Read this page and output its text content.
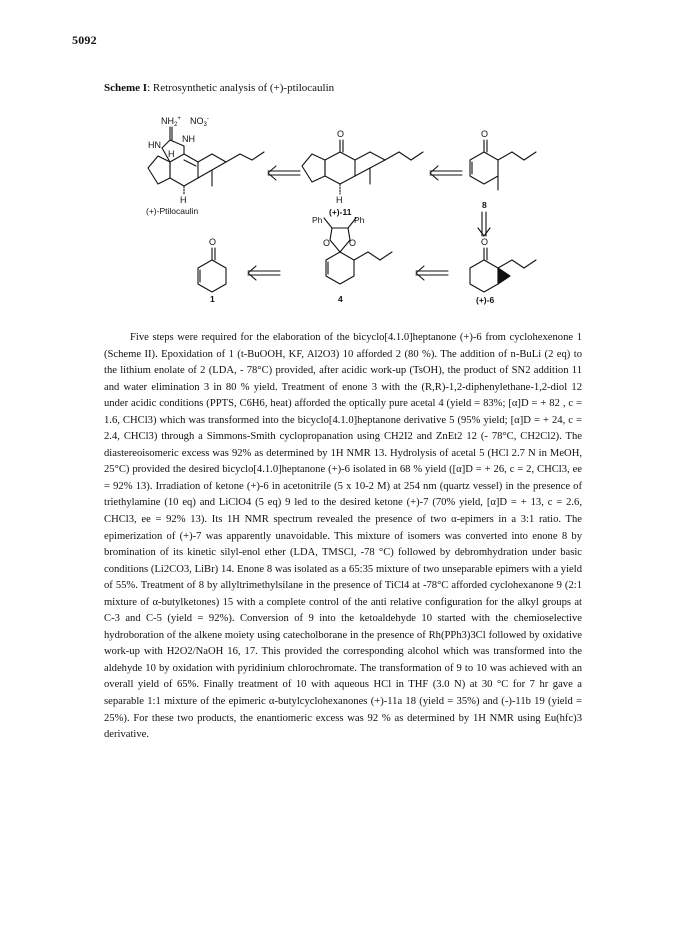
5092
Scheme I: Retrosynthetic analysis of (+)-ptilocaulin
$NH_2^+$ $NO_3^-$
HN
NH
H
H
(+)-Ptilocaulin
O
H
(+)-11
Ph	Ph
O
8
O O
4
O
1
O
(+)-6

Five steps were required for the elaboration of the bicyclo[4.1.0]heptanone (+)-6 from cyclohexenone 1 (Scheme II). Epoxidation of 1 (t-BuOOH, KF, Al2O3) 10 afforded 2 (80 %). The addition of n-BuLi (2 eq) to the lithium enolate of 2 (LDA, - 78°C) provided, after acidic work-up (TsOH), the product of SN2 addition 11 and water elimination 3 in 80 % yield. Treatment of enone 3 with the (R,R)-1,2-diphenylethane-1,2-diol 12 under acidic conditions (PPTS, C6H6, heat) afforded the optically pure acetal 4 (yield = 83%; [α]D = + 82 , c = 1.6, CHCl3) which was transformed into the bicyclo[4.1.0]heptanone derivative 5 (95% yield; [α]D = + 24, c = 2.4, CHCl3) through a Simmons-Smith cyclopropanation using CH2I2 and ZnEt2 12 (- 78°C, CH2Cl2). The diastereoisomeric excess was 92% as determined by 1H NMR 13. Hydrolysis of acetal 5 (HCl 2.7 N in MeOH, 25°C) provided the desired bicyclo[4.1.0]heptanone (+)-6 isolated in 68 % yield ([α]D = + 26, c = 2, CHCl3, ee = 92% 13). Irradiation of ketone (+)-6 in acetonitrile (5 x 10-2 M) at 254 nm (quartz vessel) in the presence of triethylamine (10 eq) and LiClO4 (5 eq) 9 led to the desired ketone (+)-7 (70% yield, [α]D = + 13, c = 2.6, CHCl3, ee = 92% 13). Its 1H NMR spectrum revealed the presence of two α-epimers in a 3:1 ratio. The epimerization of (+)-7 was apparently unavoidable. This mixture of isomers was converted into enone 8 by bromination of its kinetic silyl-enol ether (LDA, TMSCl, -78 °C) followed by debromhydration under basic conditions (Li2CO3, LiBr) 14. Enone 8 was isolated as a 65:35 mixture of two unseparable epimers with a yield of 55%. Treatment of 8 by allyltrimethylsilane in the presence of TiCl4 at -78°C afforded cyclohexanone 9 (2:1 mixture of α-butylketones) 15 with a complete control of the anti relative configuration for the alkyl groups at C-3 and C-5 (yield = 92%). Conversion of 9 into the ketoaldehyde 10 started with the chemioselective hydroboration of the alkene moiety using catecholborane in the presence of Rh(PPh3)3Cl followed by oxidative work-up with H2O2/NaOH 16, 17. This provided the corresponding alcohol which was transformed into the aldehyde 10 by oxidation with pyridinium chlorochromate. The transformation of 9 to 10 was achieved with an overall yield of 65%. Finally treatment of 10 with aqueous HCl in THF (3.0 N) at 30 °C for 7 hr gave a separable 1:1 mixture of the epimeric α-butylcyclohexanones (+)-11a 18 (yield = 35%) and (-)-11b 19 (yield = 25%). For these two products, the enantiomeric excess was 92 % as determined by 1H NMR using Eu(hfc)3 derivative.
